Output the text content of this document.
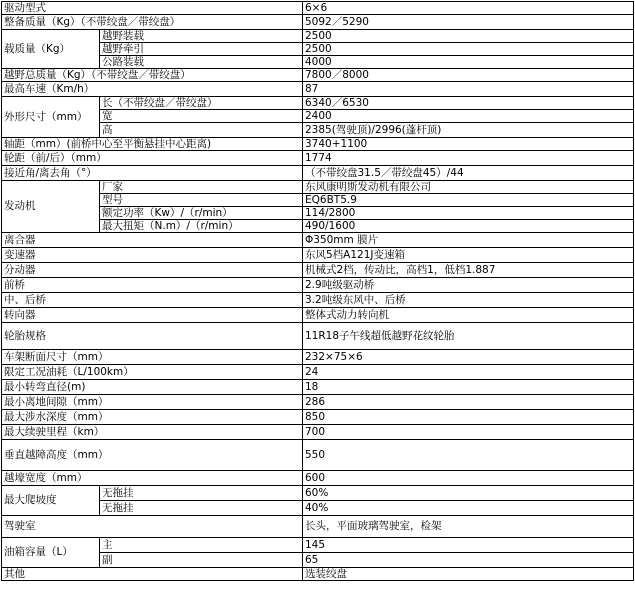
驱动型式		6×6
整备质量（Kg）（不带绞盘／带绞盘）		5092／5290
载质量（Kg）	越野装载	2500
	越野牵引	2500
	公路装载	4000
越野总质量（Kg）（不带绞盘／带绞盘）		7800／8000
最高车速（Km/h）		87
外形尺寸（mm）	长（不带绞盘／带绞盘）	6340／6530
	宽	2400
	高	2385(驾驶顶)/2996(蓬杆顶)
轴距（mm）(前桥中心至平衡悬挂中心距离)		3740+1100
轮距（前/后）（mm）		1774
接近角/离去角（°）		（不带绞盘31.5／带绞盘45）/44
发动机	厂家	东风康明斯发动机有限公司
	型号	EQ6BT5.9
	额定功率（Kw）/（r/min）	114/2800
	最大扭矩（N.m）/（r/min）	490/1600
离合器		Φ350mm 膜片
变速器		东风5档A121J变速箱
分动器		机械式2档，传动比，高档1，低档1.887
前桥		2.9吨级驱动桥
中、后桥		3.2吨级东风中、后桥
转向器		整体式动力转向机
轮胎规格		11R18子午线超低越野花纹轮胎
车架断面尺寸（mm）		232×75×6
限定工况油耗（L/100km）		24
最小转弯直径(m)		18
最小离地间隙（mm）		286
最大涉水深度（mm）		850
最大续驶里程（km）		700
垂直越障高度（mm）		550
越壕宽度（mm）		600
最大爬坡度	无拖挂	60%
	无拖挂	40%
驾驶室		长头，平面玻璃驾驶室，检架
油箱容量（L）	主	145
	副	65
其他		选装绞盘
